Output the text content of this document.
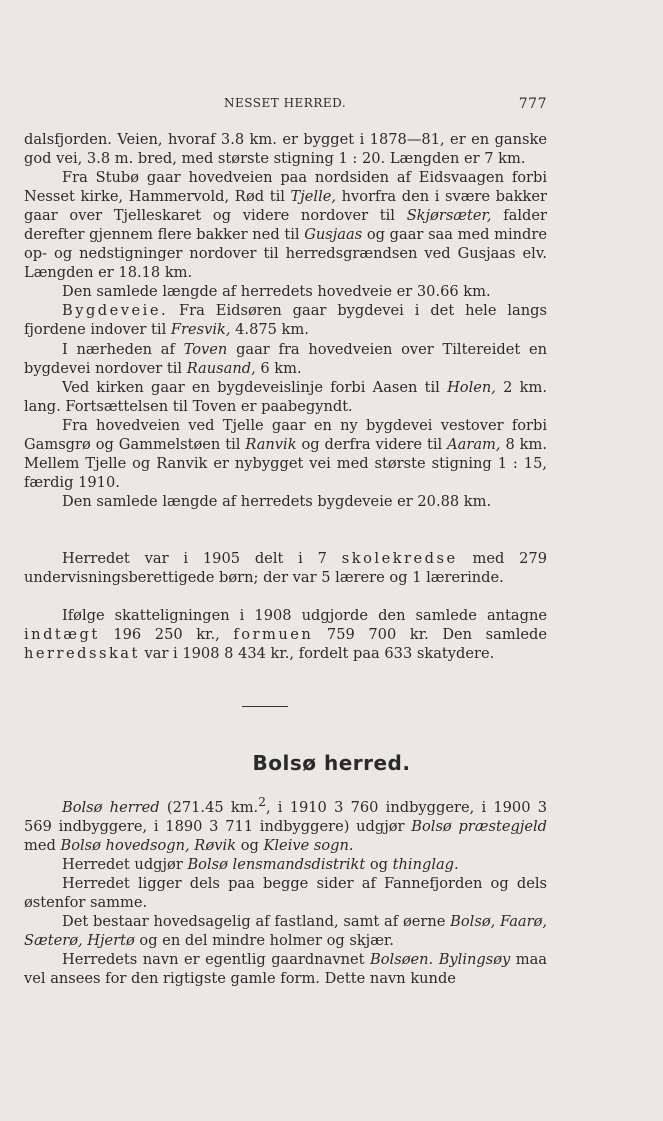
NESSET HERRED.	777

dalsfjorden. Veien, hvoraf 3.8 km. er bygget i 1878—81, er en ganske god vei, 3.8 m. bred, med største stigning 1 : 20. Længden er 7 km.

Fra Stubø gaar hovedveien paa nordsiden af Eidsvaagen forbi Nesset kirke, Hammervold, Rød til Tjelle, hvorfra den i svære bakker gaar over Tjelleskaret og videre nordover til Skjørsæter, falder derefter gjennem flere bakker ned til Gusjaas og gaar saa med mindre op- og nedstigninger nordover til herredsgrændsen ved Gusjaas elv. Længden er 18.18 km.

Den samlede længde af herredets hovedveie er 30.66 km.

Bygdeveie. Fra Eidsøren gaar bygdevei i det hele langs fjordene indover til Fresvik, 4.875 km.

I nærheden af Toven gaar fra hovedveien over Tiltereidet en bygdevei nordover til Rausand, 6 km.

Ved kirken gaar en bygdeveislinje forbi Aasen til Holen, 2 km. lang. Fortsættelsen til Toven er paabegyndt.

Fra hovedveien ved Tjelle gaar en ny bygdevei vestover forbi Gamsgrø og Gammelstøen til Ranvik og derfra videre til Aaram, 8 km. Mellem Tjelle og Ranvik er nybygget vei med største stigning 1 : 15, færdig 1910.

Den samlede længde af herredets bygdeveie er 20.88 km.

Herredet var i 1905 delt i 7 skolekredse med 279 undervisningsberettigede børn; der var 5 lærere og 1 lærerinde.

Ifølge skatteligningen i 1908 udgjorde den samlede antagne indtægt 196 250 kr., formuen 759 700 kr. Den samlede herredsskat var i 1908 8 434 kr., fordelt paa 633 skatydere.

Bolsø herred.

Bolsø herred (271.45 km.$^2$, i 1910 3 760 indbyggere, i 1900 3 569 indbyggere, i 1890 3 711 indbyggere) udgjør Bolsø præstegjeld med Bolsø hovedsogn, Røvik og Kleive sogn.

Herredet udgjør Bolsø lensmandsdistrikt og thinglag.

Herredet ligger dels paa begge sider af Fannefjorden og dels østenfor samme.

Det bestaar hovedsagelig af fastland, samt af øerne Bolsø, Faarø, Sæterø, Hjertø og en del mindre holmer og skjær.

Herredets navn er egentlig gaardnavnet Bolsøen. Bylingsøy maa vel ansees for den rigtigste gamle form. Dette navn kunde
